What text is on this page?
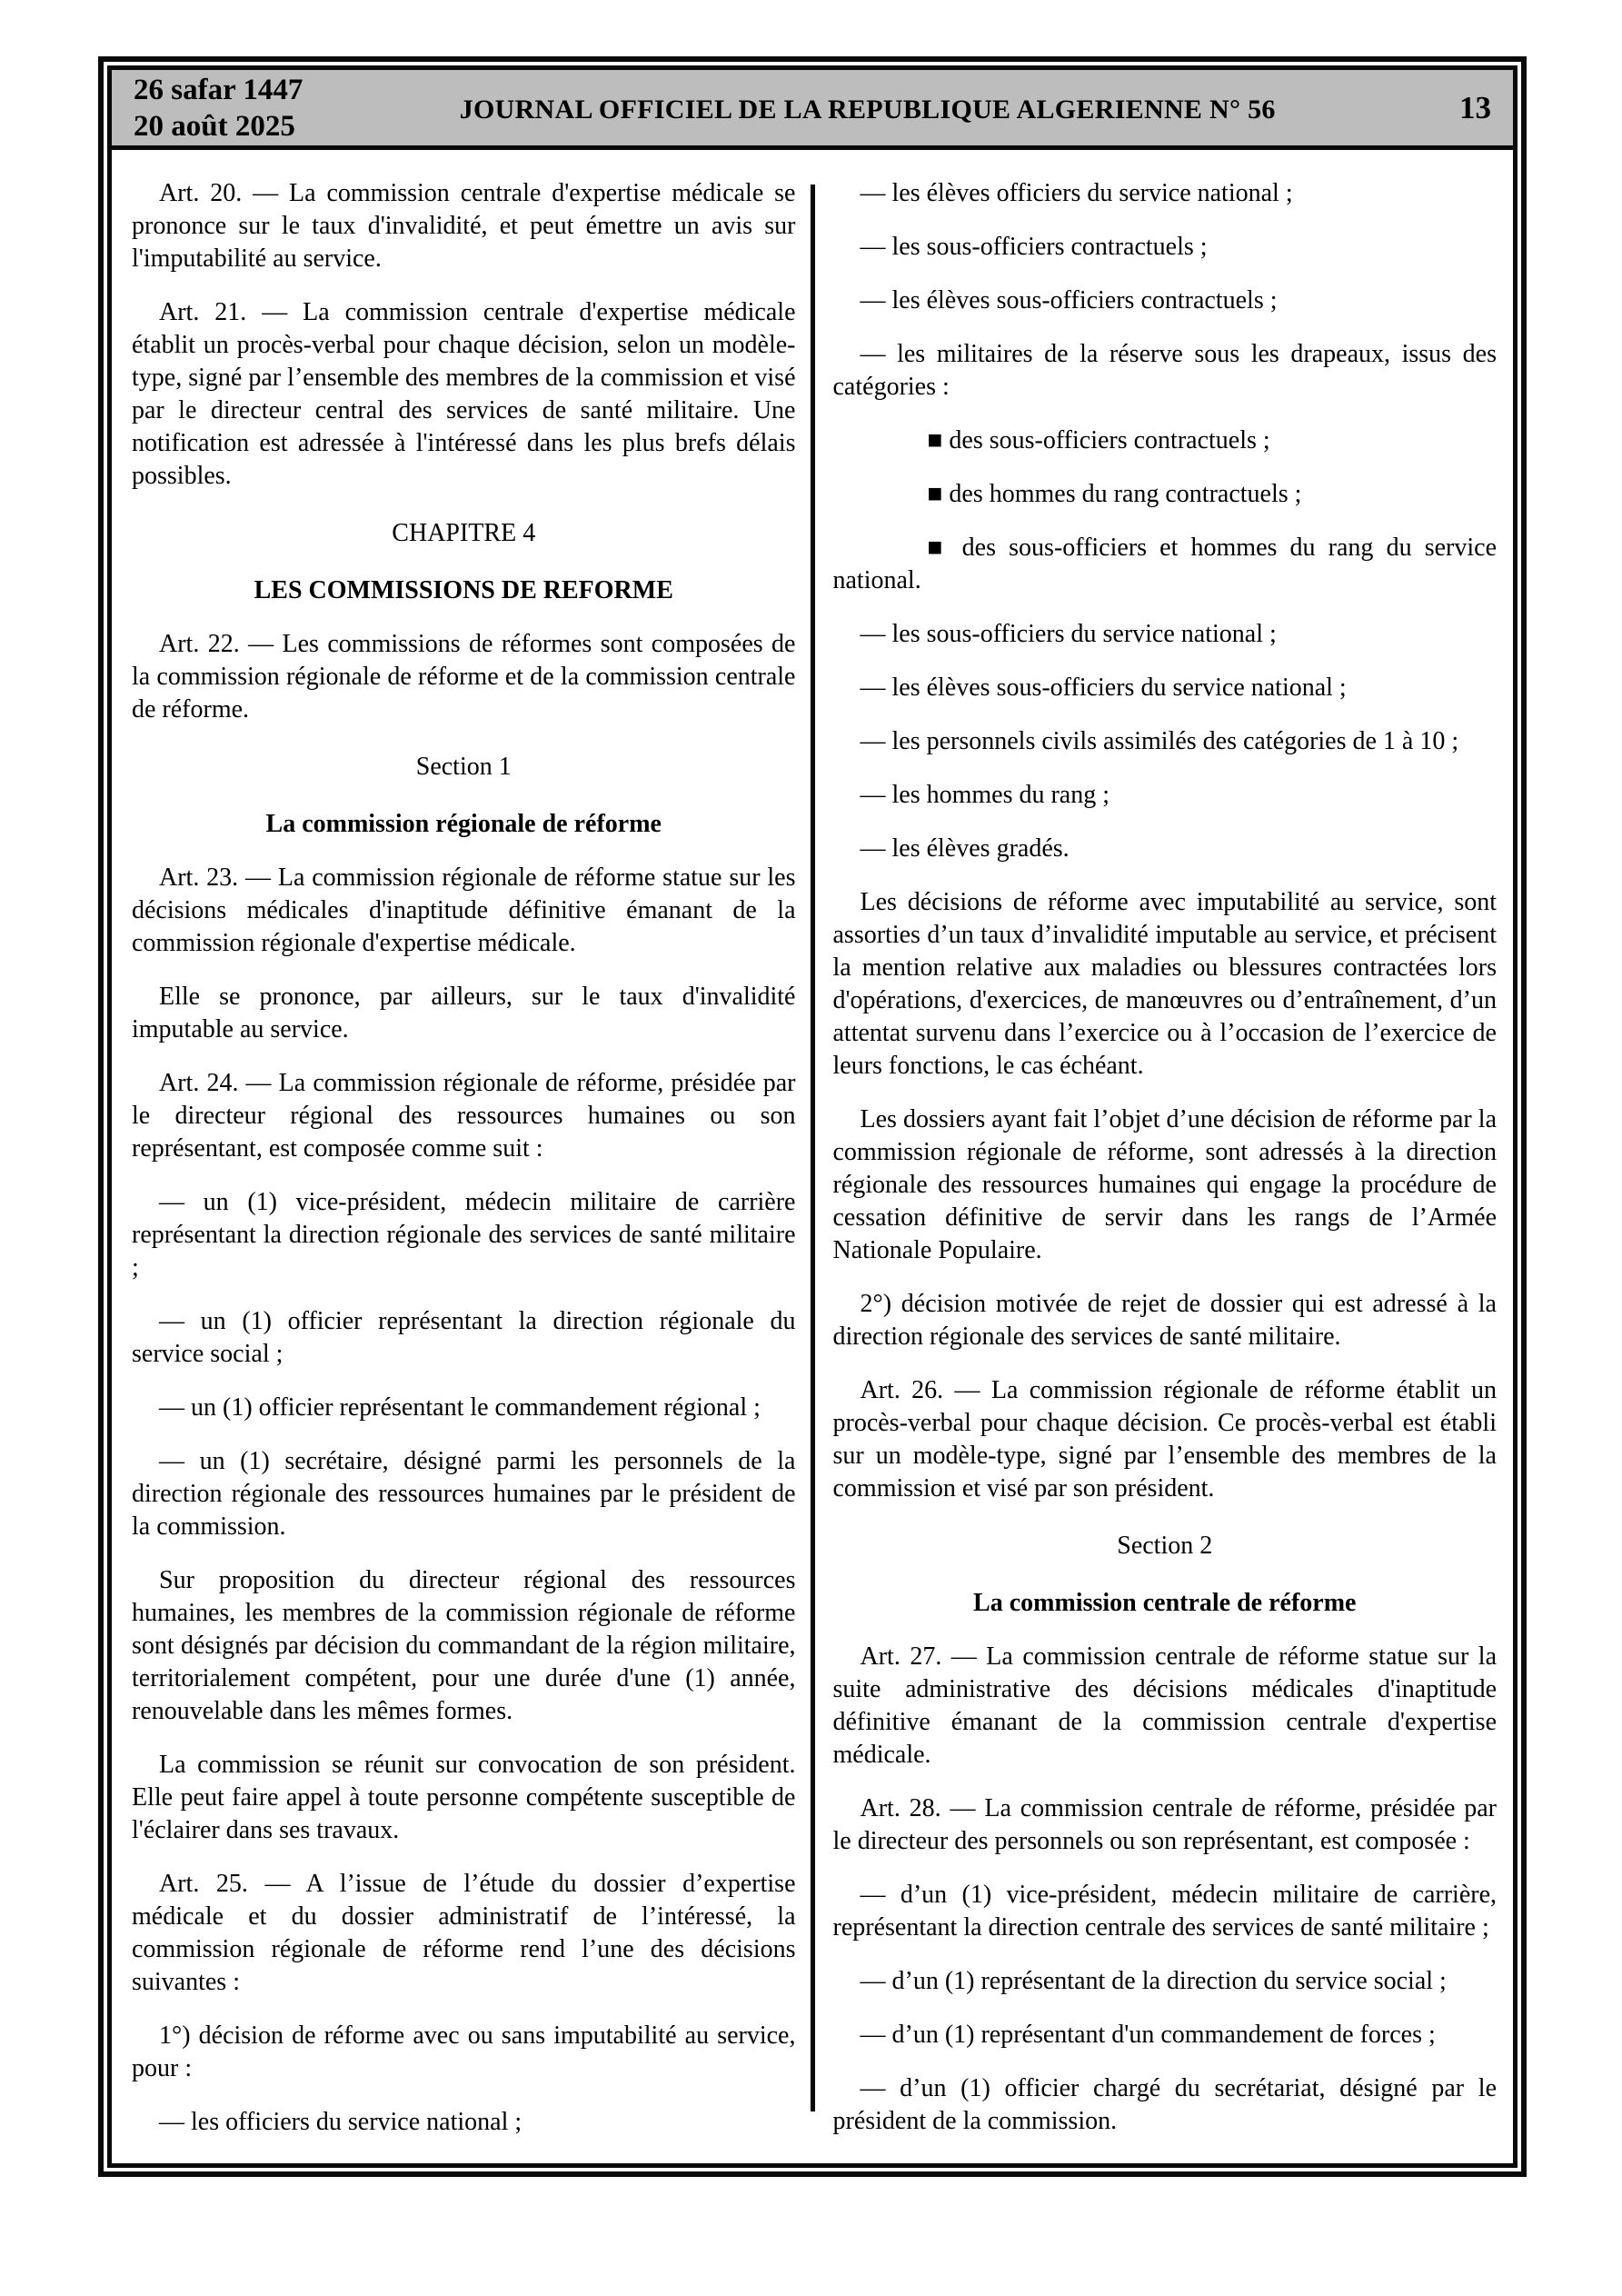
26 safar 1447
20 août 2025
JOURNAL OFFICIEL DE LA REPUBLIQUE ALGERIENNE N° 56	13

Art. 20. — La commission centrale d'expertise médicale se prononce sur le taux d'invalidité, et peut émettre un avis sur l'imputabilité au service.

Art. 21. — La commission centrale d'expertise médicale établit un procès-verbal pour chaque décision, selon un modèle-type, signé par l’ensemble des membres de la commission et visé par le directeur central des services de santé militaire. Une notification est adressée à l'intéressé dans les plus brefs délais possibles.

CHAPITRE 4

LES COMMISSIONS DE REFORME

Art. 22. — Les commissions de réformes sont composées de la commission régionale de réforme et de la commission centrale de réforme.

Section 1

La commission régionale de réforme

Art. 23. — La commission régionale de réforme statue sur les décisions médicales d'inaptitude définitive émanant de la commission régionale d'expertise médicale.

Elle se prononce, par ailleurs, sur le taux d'invalidité imputable au service.

Art. 24. — La commission régionale de réforme, présidée par le directeur régional des ressources humaines ou son représentant, est composée comme suit :

— un (1) vice-président, médecin militaire de carrière représentant la direction régionale des services de santé militaire ;

— un (1) officier représentant la direction régionale du service social ;

— un (1) officier représentant le commandement régional ;

— un (1) secrétaire, désigné parmi les personnels de la direction régionale des ressources humaines par le président de la commission.

Sur proposition du directeur régional des ressources humaines, les membres de la commission régionale de réforme sont désignés par décision du commandant de la région militaire, territorialement compétent, pour une durée d'une (1) année, renouvelable dans les mêmes formes.

La commission se réunit sur convocation de son président. Elle peut faire appel à toute personne compétente susceptible de l'éclairer dans ses travaux.

Art. 25. — A l’issue de l’étude du dossier d’expertise médicale et du dossier administratif de l’intéressé, la commission régionale de réforme rend l’une des décisions suivantes :

1°) décision de réforme avec ou sans imputabilité au service, pour :

— les officiers du service national ;

— les élèves officiers du service national ;

— les sous-officiers contractuels ;

— les élèves sous-officiers contractuels ;

— les militaires de la réserve sous les drapeaux, issus des catégories :

■ des sous-officiers contractuels ;

■ des hommes du rang contractuels ;

■ des sous-officiers et hommes du rang du service national.

— les sous-officiers du service national ;

— les élèves sous-officiers du service national ;

— les personnels civils assimilés des catégories de 1 à 10 ;

— les hommes du rang ;

— les élèves gradés.

Les décisions de réforme avec imputabilité au service, sont assorties d’un taux d’invalidité imputable au service, et précisent la mention relative aux maladies ou blessures contractées lors d'opérations, d'exercices, de manœuvres ou d’entraînement, d’un attentat survenu dans l’exercice ou à l’occasion de l’exercice de leurs fonctions, le cas échéant.

Les dossiers ayant fait l’objet d’une décision de réforme par la commission régionale de réforme, sont adressés à la direction régionale des ressources humaines qui engage la procédure de cessation définitive de servir dans les rangs de l’Armée Nationale Populaire.

2°) décision motivée de rejet de dossier qui est adressé à la direction régionale des services de santé militaire.

Art. 26. — La commission régionale de réforme établit un procès-verbal pour chaque décision. Ce procès-verbal est établi sur un modèle-type, signé par l’ensemble des membres de la commission et visé par son président.

Section 2

La commission centrale de réforme

Art. 27. — La commission centrale de réforme statue sur la suite administrative des décisions médicales d'inaptitude définitive émanant de la commission centrale d'expertise médicale.

Art. 28. — La commission centrale de réforme, présidée par le directeur des personnels ou son représentant, est composée :

— d’un (1) vice-président, médecin militaire de carrière, représentant la direction centrale des services de santé militaire ;

— d’un (1) représentant de la direction du service social ;

— d’un (1) représentant d'un commandement de forces ;

— d’un (1) officier chargé du secrétariat, désigné par le président de la commission.
